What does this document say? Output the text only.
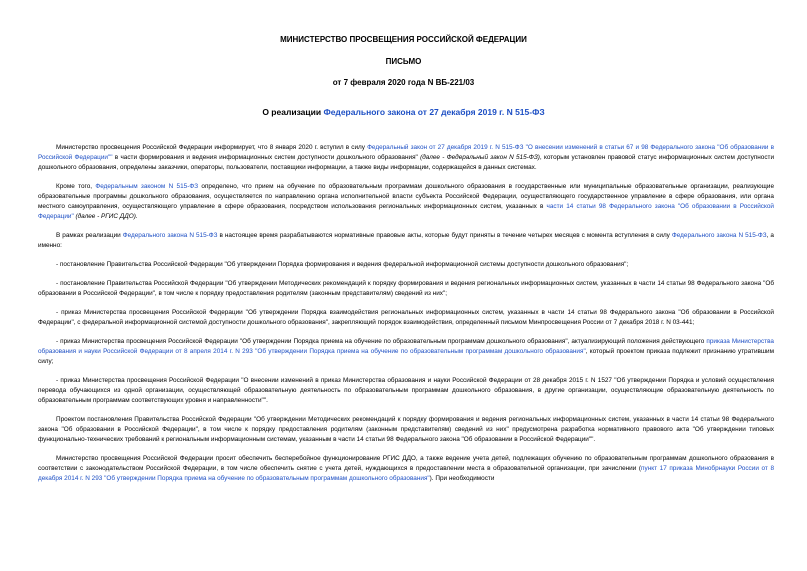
МИНИСТЕРСТВО ПРОСВЕЩЕНИЯ РОССИЙСКОЙ ФЕДЕРАЦИИ
ПИСЬМО
от 7 февраля 2020 года N ВБ-221/03
О реализации Федерального закона от 27 декабря 2019 г. N 515-ФЗ

Министерство просвещения Российской Федерации информирует, что 8 января 2020 г. вступил в силу Федеральный закон от 27 декабря 2019 г. N 515-ФЗ "О внесении изменений в статьи 67 и 98 Федерального закона "Об образовании в Российской Федерации"" в части формирования и ведения информационных систем доступности дошкольного образования" (далее - Федеральный закон N 515-ФЗ), которым установлен правовой статус информационных систем доступности дошкольного образования, определены заказчики, операторы, пользователи, поставщики информации, а также виды информации, содержащейся в данных системах.

Кроме того, Федеральным законом N 515-ФЗ определено, что прием на обучение по образовательным программам дошкольного образования в государственные или муниципальные образовательные организации, реализующие образовательные программы дошкольного образования, осуществляется по направлению органа исполнительной власти субъекта Российской Федерации, осуществляющего государственное управление в сфере образования, или органа местного самоуправления, осуществляющего управление в сфере образования, посредством использования региональных информационных систем, указанных в части 14 статьи 98 Федерального закона "Об образовании в Российской Федерации" (далее - РГИС ДДО).

В рамках реализации Федерального закона N 515-ФЗ в настоящее время разрабатываются нормативные правовые акты, которые будут приняты в течение четырех месяцев с момента вступления в силу Федерального закона N 515-ФЗ, а именно:

- постановление Правительства Российской Федерации "Об утверждении Порядка формирования и ведения федеральной информационной системы доступности дошкольного образования";

- постановление Правительства Российской Федерации "Об утверждении Методических рекомендаций к порядку формирования и ведения региональных информационных систем, указанных в части 14 статьи 98 Федерального закона "Об образовании в Российской Федерации", в том числе к порядку предоставления родителям (законным представителям) сведений из них";

- приказ Министерства просвещения Российской Федерации "Об утверждении Порядка взаимодействия региональных информационных систем, указанных в части 14 статьи 98 Федерального закона "Об образовании в Российской Федерации", с федеральной информационной системой доступности дошкольного образования", закрепляющий порядок взаимодействия, определенный письмом Минпросвещения России от 7 декабря 2018 г. N 03-441;

- приказ Министерства просвещения Российской Федерации "Об утверждении Порядка приема на обучение по образовательным программам дошкольного образования", актуализирующий положения действующего приказа Министерства образования и науки Российской Федерации от 8 апреля 2014 г. N 293 "Об утверждении Порядка приема на обучение по образовательным программам дошкольного образования", который проектом приказа подлежит признанию утратившим силу;

- приказ Министерства просвещения Российской Федерации "О внесении изменений в приказ Министерства образования и науки Российской Федерации от 28 декабря 2015 г. N 1527 "Об утверждении Порядка и условий осуществления перевода обучающихся из одной организации, осуществляющей образовательную деятельность по образовательным программам дошкольного образования, в другие организации, осуществляющие образовательную деятельность по образовательным программам соответствующих уровня и направленности"".

Проектом постановления Правительства Российской Федерации "Об утверждении Методических рекомендаций к порядку формирования и ведения региональных информационных систем, указанных в части 14 статьи 98 Федерального закона "Об образовании в Российской Федерации", в том числе к порядку предоставления родителям (законным представителям) сведений из них" предусмотрена разработка нормативного правового акта "Об утверждении типовых функционально-технических требований к региональным информационным системам, указанным в части 14 статьи 98 Федерального закона "Об образовании в Российской Федерации"".

Министерство просвещения Российской Федерации просит обеспечить бесперебойное функционирование РГИС ДДО, а также ведение учета детей, подлежащих обучению по образовательным программам дошкольного образования в соответствии с законодательством Российской Федерации, в том числе обеспечить снятие с учета детей, нуждающихся в предоставлении места в образовательной организации, при зачислении (пункт 17 приказа Минобрнауки России от 8 декабря 2014 г. N 293 "Об утверждении Порядка приема на обучение по образовательным программам дошкольного образования"). При необходимости
